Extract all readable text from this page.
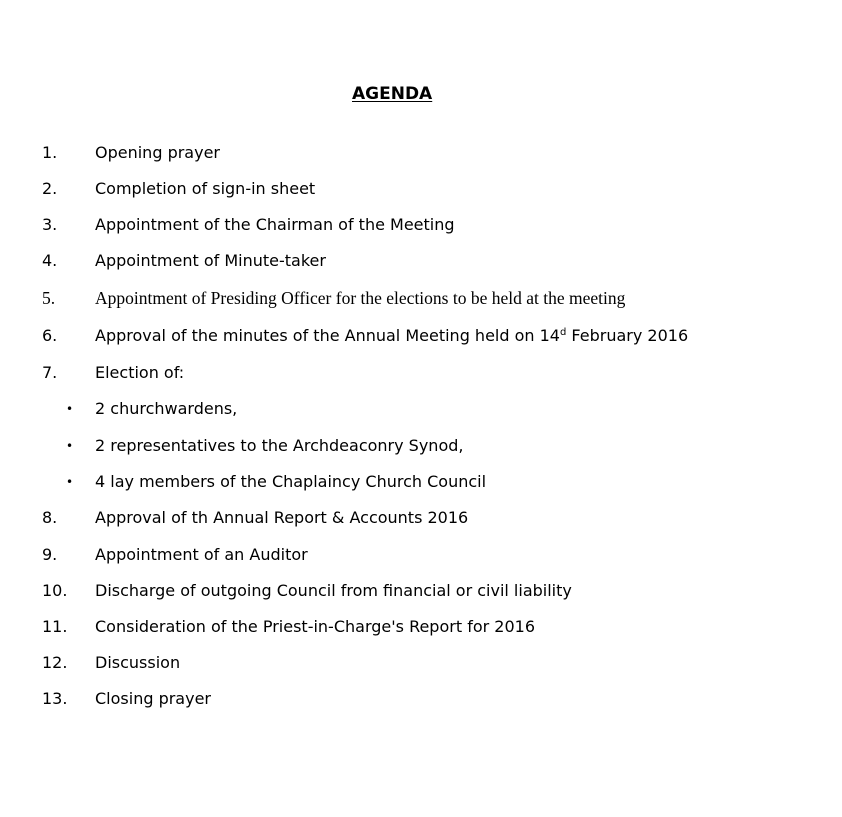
AGENDA
1. Opening prayer
2. Completion of sign-in sheet
3. Appointment of the Chairman of the Meeting
4. Appointment of Minute-taker
5. Appointment of Presiding Officer for the elections to be held at the meeting
6. Approval of the minutes of the Annual Meeting held on 14$^d$ February 2016
7. Election of:
• 2 churchwardens,
• 2 representatives to the Archdeaconry Synod,
• 4 lay members of the Chaplaincy Church Council
8. Approval of th Annual Report & Accounts 2016
9. Appointment of an Auditor
10. Discharge of outgoing Council from financial or civil liability
11. Consideration of the Priest-in-Charge's Report for 2016
12. Discussion
13. Closing prayer
